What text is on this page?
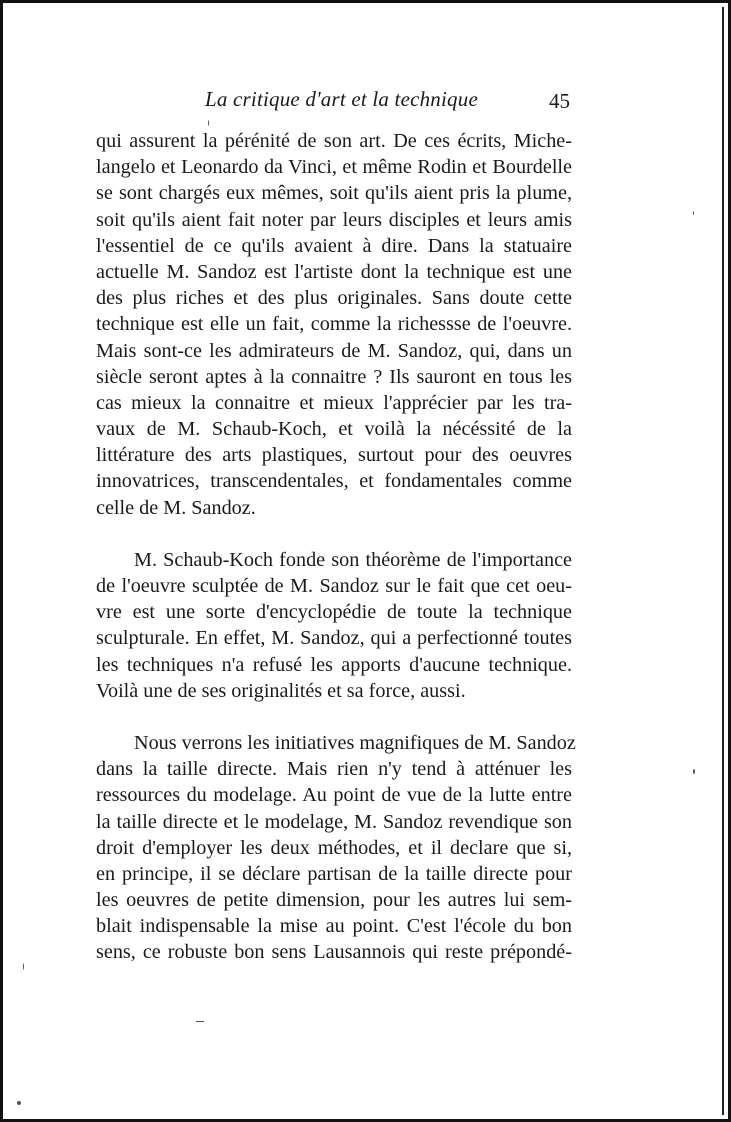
La critique d'art et la technique	45
qui assurent la pérénité de son art. De ces écrits, Miche-
langelo et Leonardo da Vinci, et même Rodin et Bourdelle
se sont chargés eux mêmes, soit qu'ils aient pris la plume,
soit qu'ils aient fait noter par leurs disciples et leurs amis
l'essentiel de ce qu'ils avaient à dire. Dans la statuaire
actuelle M. Sandoz est l'artiste dont la technique est une
des plus riches et des plus originales. Sans doute cette
technique est elle un fait, comme la richessse de l'oeuvre.
Mais sont-ce les admirateurs de M. Sandoz, qui, dans un
siècle seront aptes à la connaitre ? Ils sauront en tous les
cas mieux la connaitre et mieux l'apprécier par les tra-
vaux de M. Schaub-Koch, et voilà la nécéssité de la
littérature des arts plastiques, surtout pour des oeuvres
innovatrices, transcendentales, et fondamentales comme
celle de M. Sandoz.
M. Schaub-Koch fonde son théorème de l'importance
de l'oeuvre sculptée de M. Sandoz sur le fait que cet oeu-
vre est une sorte d'encyclopédie de toute la technique
sculpturale. En effet, M. Sandoz, qui a perfectionné toutes
les techniques n'a refusé les apports d'aucune technique.
Voilà une de ses originalités et sa force, aussi.
Nous verrons les initiatives magnifiques de M. Sandoz
dans la taille directe. Mais rien n'y tend à atténuer les
ressources du modelage. Au point de vue de la lutte entre
la taille directe et le modelage, M. Sandoz revendique son
droit d'employer les deux méthodes, et il declare que si,
en principe, il se déclare partisan de la taille directe pour
les oeuvres de petite dimension, pour les autres lui sem-
blait indispensable la mise au point. C'est l'école du bon
sens, ce robuste bon sens Lausannois qui reste prépondé-
